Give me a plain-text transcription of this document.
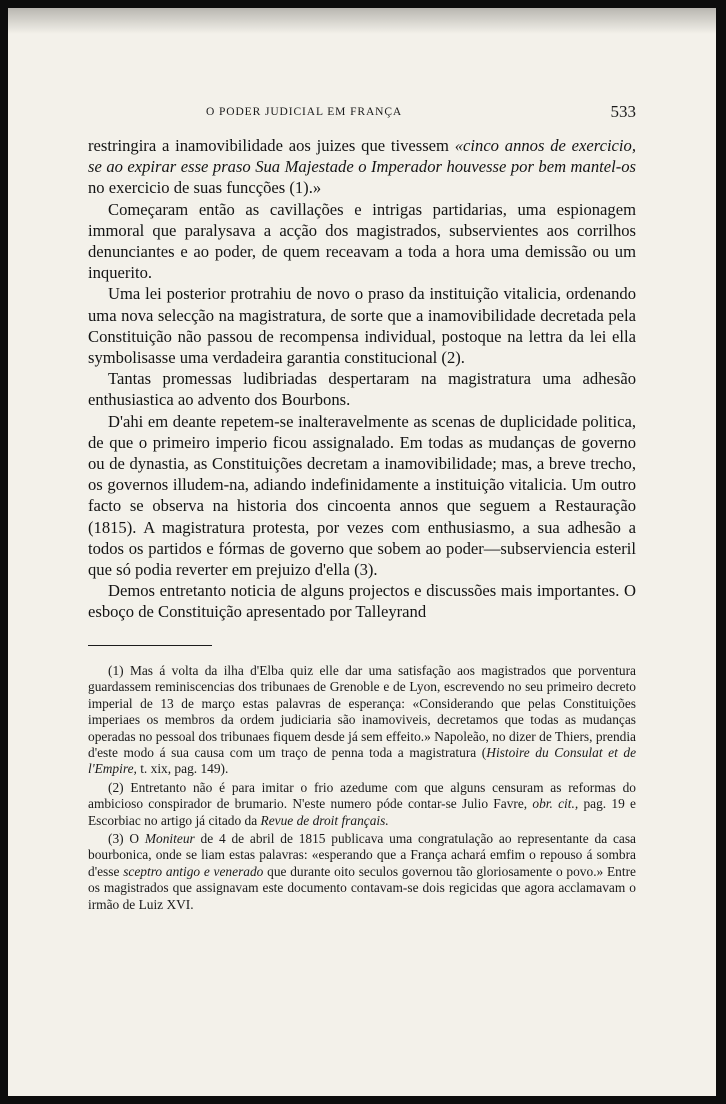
O PODER JUDICIAL EM FRANÇA	533

restringira a inamovibilidade aos juizes que tivessem «cinco annos de exercicio, se ao expirar esse praso Sua Majestade o Imperador houvesse por bem mantel-os no exercicio de suas funcções (1).»

Começaram então as cavillações e intrigas partidarias, uma espionagem immoral que paralysava a acção dos magistrados, subservientes aos corrilhos denunciantes e ao poder, de quem receavam a toda a hora uma demissão ou um inquerito.

Uma lei posterior protrahiu de novo o praso da instituição vitalicia, ordenando uma nova selecção na magistratura, de sorte que a inamovibilidade decretada pela Constituição não passou de recompensa individual, postoque na lettra da lei ella symbolisasse uma verdadeira garantia constitucional (2).

Tantas promessas ludibriadas despertaram na magistratura uma adhesão enthusiastica ao advento dos Bourbons.

D'ahi em deante repetem-se inalteravelmente as scenas de duplicidade politica, de que o primeiro imperio ficou assignalado. Em todas as mudanças de governo ou de dynastia, as Constituições decretam a inamovibilidade; mas, a breve trecho, os governos illudem-na, adiando indefinidamente a instituição vitalicia. Um outro facto se observa na historia dos cincoenta annos que seguem a Restauração (1815). A magistratura protesta, por vezes com enthusiasmo, a sua adhesão a todos os partidos e fórmas de governo que sobem ao poder—subserviencia esteril que só podia reverter em prejuizo d'ella (3).

Demos entretanto noticia de alguns projectos e discussões mais importantes. O esboço de Constituição apresentado por Talleyrand

(1) Mas á volta da ilha d'Elba quiz elle dar uma satisfação aos magistrados que porventura guardassem reminiscencias dos tribunaes de Grenoble e de Lyon, escrevendo no seu primeiro decreto imperial de 13 de março estas palavras de esperança: «Considerando que pelas Constituições imperiaes os membros da ordem judiciaria são inamoviveis, decretamos que todas as mudanças operadas no pessoal dos tribunaes fiquem desde já sem effeito.» Napoleão, no dizer de Thiers, prendia d'este modo á sua causa com um traço de penna toda a magistratura (Histoire du Consulat et de l'Empire, t. xix, pag. 149).

(2) Entretanto não é para imitar o frio azedume com que alguns censuram as reformas do ambicioso conspirador de brumario. N'este numero póde contar-se Julio Favre, obr. cit., pag. 19 e Escorbiac no artigo já citado da Revue de droit français.

(3) O Moniteur de 4 de abril de 1815 publicava uma congratulação ao representante da casa bourbonica, onde se liam estas palavras: «esperando que a França achará emfim o repouso á sombra d'esse sceptro antigo e venerado que durante oito seculos governou tão gloriosamente o povo.» Entre os magistrados que assignavam este documento contavam-se dois regicidas que agora acclamavam o irmão de Luiz XVI.
